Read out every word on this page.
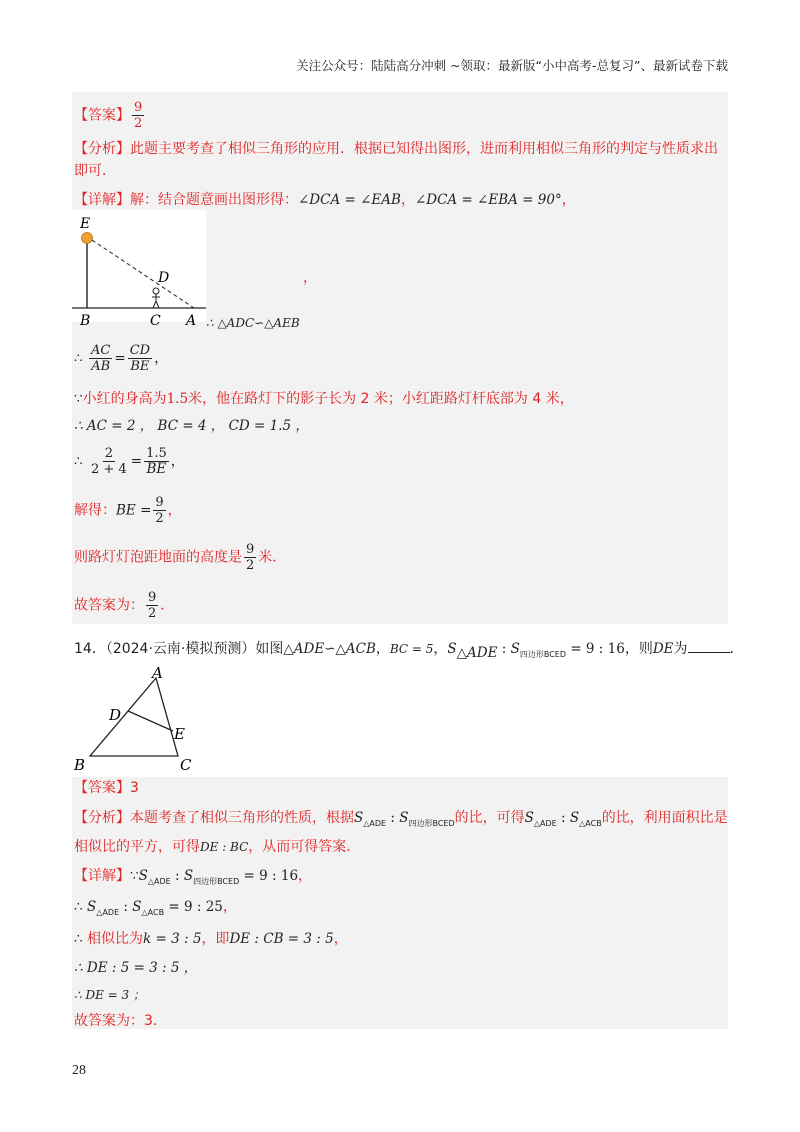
关注公众号：陆陆高分冲刺 ~领取：最新版“小中高考-总复习”、最新试卷下载
【答案】 $\frac{9}{2}$
【分析】此题主要考查了相似三角形的应用．根据已知得出图形，进而利用相似三角形的判定与性质求出
即可．
【详解】解：结合题意画出图形得：∠DCA = ∠EAB，∠DCA = ∠EBA = 90°，
E
D
B	C A
，
∴ △ADC∽△AEB
∴ $\frac{AC}{AB} = \frac{CD}{BE}$ ，
∵小红的身高为1.5米，他在路灯下的影子长为 2 米；小红距路灯杆底部为 4 米，
∴ AC = 2 ， BC = 4 ， CD = 1.5 ，
∴ $\frac{2}{2 + 4} = \frac{1.5}{BE}$ ，
解得：BE = $\frac{9}{2}$ ，
则路灯灯泡距地面的高度是 $\frac{9}{2}$ 米．
故答案为： $\frac{9}{2}$ ．
14．（2024·云南·模拟预测）如图△ADE∽△ACB，BC = 5，$S_{\triangle ADE}$ : $S_{四边形BCED} = 9$ : 16，则DE为	．
A
D
E
B	C
【答案】3
【分析】本题考查了相似三角形的性质，根据$S_{\triangle ADE}$ : $S_{四边形BCED}$的比，可得$S_{\triangle ADE}$ : $S_{\triangle ACB}$的比，利用面积比是
相似比的平方，可得DE : BC，从而可得答案．
【详解】$\because S_{\triangle ADE}$ : $S_{四边形BCED} = 9$ : 16，
∴ $S_{\triangle ADE}$ : $S_{\triangle ACB} = 9$ : 25，
∴ 相似比为k = 3 : 5，即DE : CB = 3 : 5，
∴ DE : 5 = 3 : 5 ，
∴ DE = 3 ；
故答案为：3．
28
